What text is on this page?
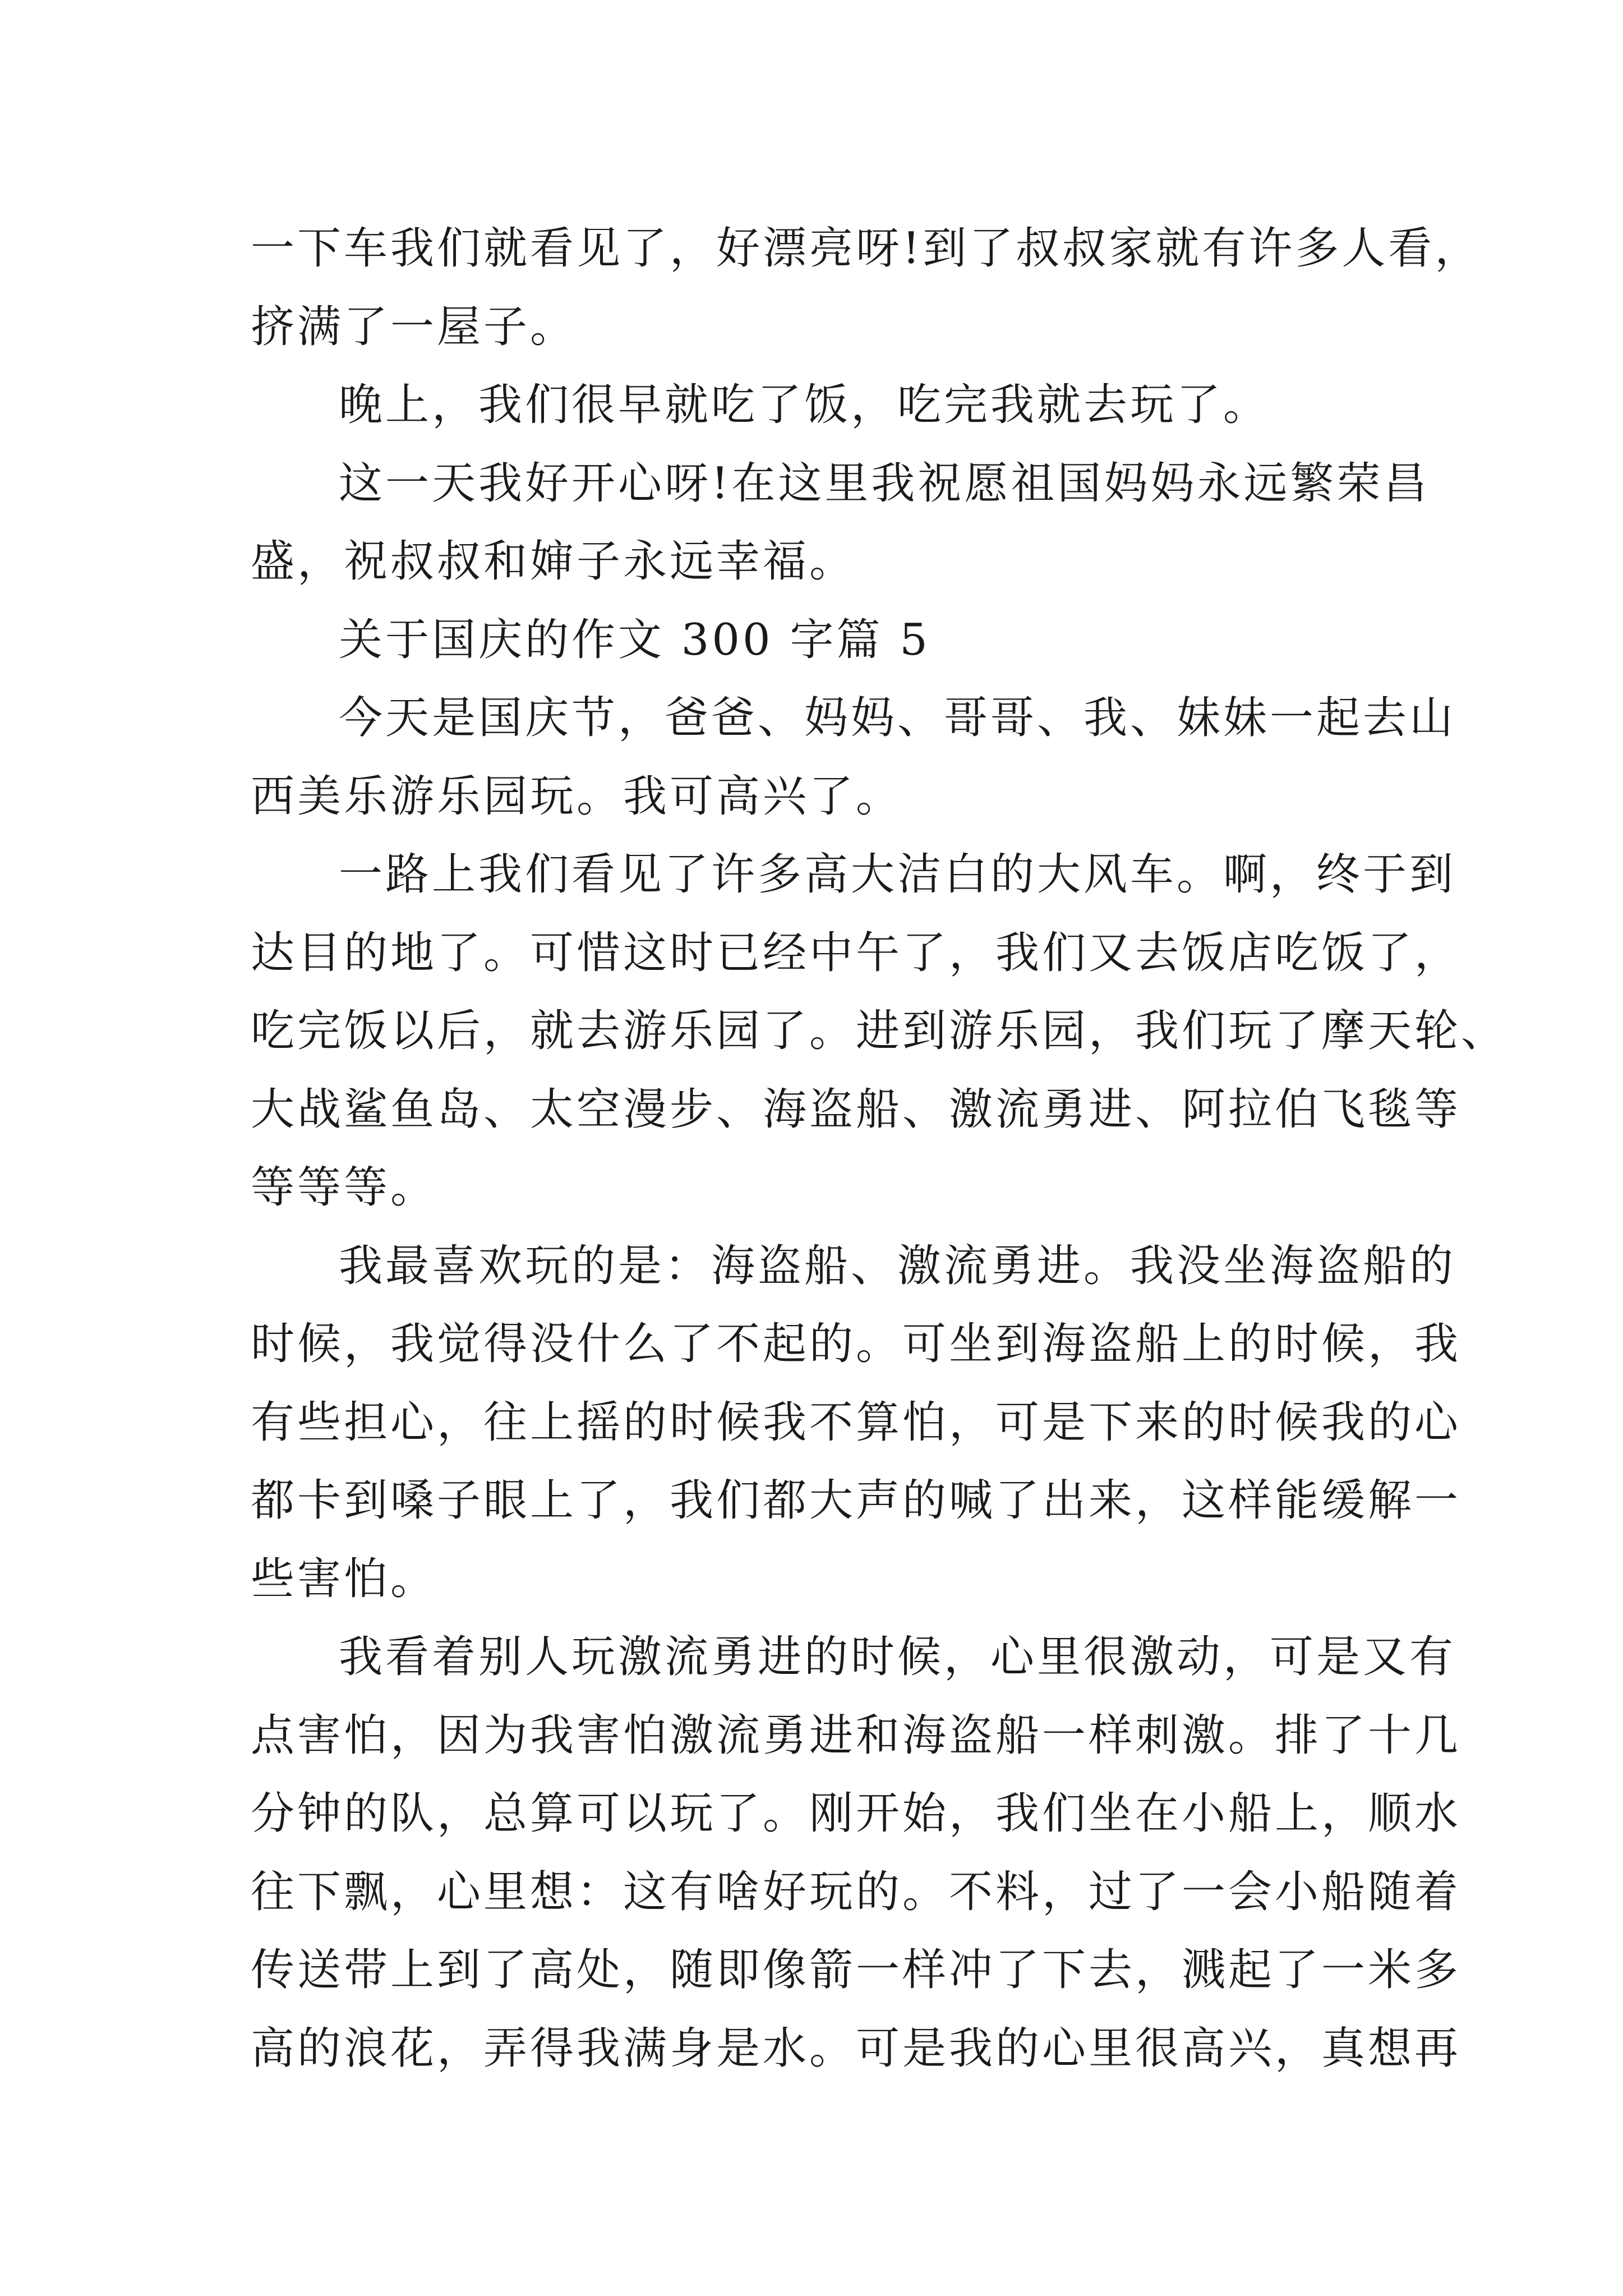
一下车我们就看见了，好漂亮呀!到了叔叔家就有许多人看，
挤满了一屋子。
晚上，我们很早就吃了饭，吃完我就去玩了。
这一天我好开心呀!在这里我祝愿祖国妈妈永远繁荣昌
盛，祝叔叔和婶子永远幸福。
关于国庆的作文 300 字篇 5
今天是国庆节，爸爸、妈妈、哥哥、我、妹妹一起去山
西美乐游乐园玩。我可高兴了。
一路上我们看见了许多高大洁白的大风车。啊，终于到
达目的地了。可惜这时已经中午了，我们又去饭店吃饭了，
吃完饭以后，就去游乐园了。进到游乐园，我们玩了摩天轮、
大战鲨鱼岛、太空漫步、海盗船、激流勇进、阿拉伯飞毯等
等等等。
我最喜欢玩的是：海盗船、激流勇进。我没坐海盗船的
时候，我觉得没什么了不起的。可坐到海盗船上的时候，我
有些担心，往上摇的时候我不算怕，可是下来的时候我的心
都卡到嗓子眼上了，我们都大声的喊了出来，这样能缓解一
些害怕。
我看着别人玩激流勇进的时候，心里很激动，可是又有
点害怕，因为我害怕激流勇进和海盗船一样刺激。排了十几
分钟的队，总算可以玩了。刚开始，我们坐在小船上，顺水
往下飘，心里想：这有啥好玩的。不料，过了一会小船随着
传送带上到了高处，随即像箭一样冲了下去，溅起了一米多
高的浪花，弄得我满身是水。可是我的心里很高兴，真想再
